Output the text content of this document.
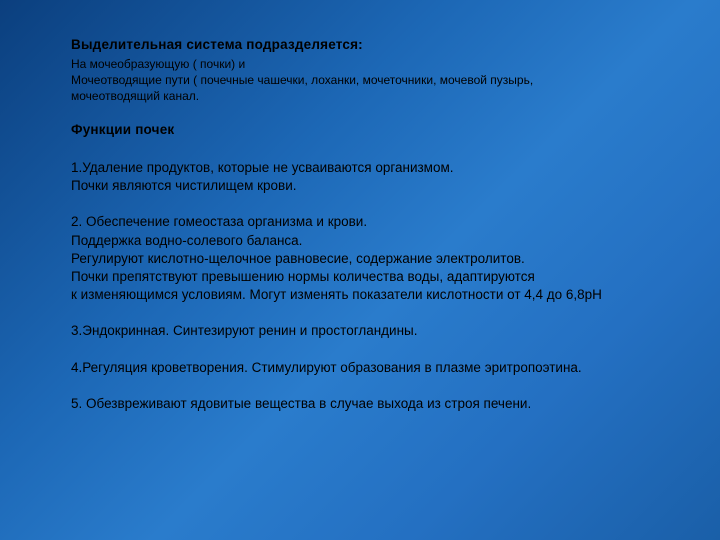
Выделительная система подразделяется:

На мочеобразующую ( почки) и

Мочеотводящие пути ( почечные чашечки, лоханки, мочеточники, мочевой пузырь,

мочеотводящий канал.

Функции почек

1.Удаление продуктов, которые не усваиваются организмом.

Почки являются чистилищем крови.

2. Обеспечение гомеостаза организма и крови.

Поддержка водно-солевого баланса.

Регулируют кислотно-щелочное равновесие, содержание электролитов.

Почки препятствуют превышению нормы количества воды, адаптируются

к изменяющимся условиям. Могут изменять показатели кислотности от 4,4 до 6,8pH

3.Эндокринная. Синтезируют ренин и простогландины.

4.Регуляция кроветворения. Стимулируют образования в плазме эритропоэтина.

5. Обезвреживают ядовитые вещества в случае выхода из строя печени.
